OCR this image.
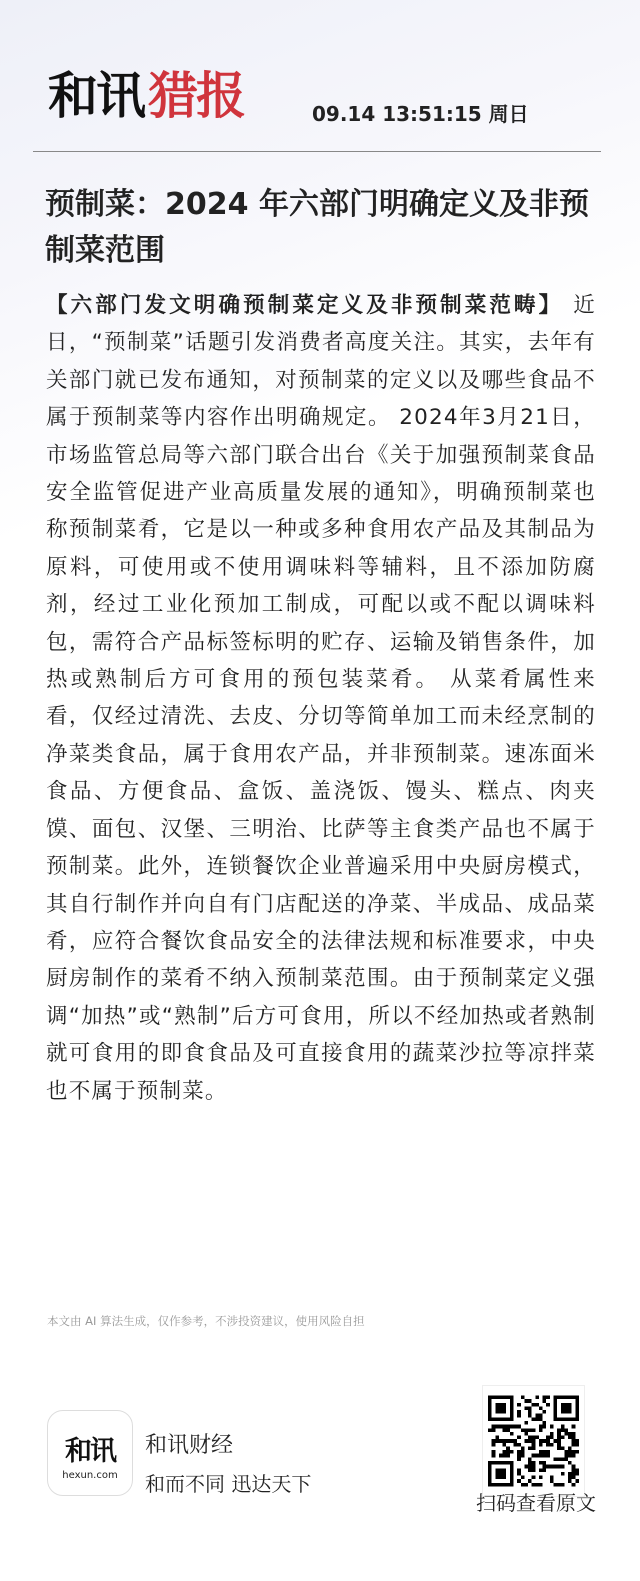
和讯猎报	09.14 13:51:15 周日
预制菜：2024 年六部门明确定义及非预制菜范围
【六部门发文明确预制菜定义及非预制菜范畴】 近日，“预制菜”话题引发消费者高度关注。其实，去年有关部门就已发布通知，对预制菜的定义以及哪些食品不属于预制菜等内容作出明确规定。 2024年3月21日，市场监管总局等六部门联合出台《关于加强预制菜食品安全监管促进产业高质量发展的通知》，明确预制菜也称预制菜肴，它是以一种或多种食用农产品及其制品为原料，可使用或不使用调味料等辅料，且不添加防腐剂，经过工业化预加工制成，可配以或不配以调味料包，需符合产品标签标明的贮存、运输及销售条件，加热或熟制后方可食用的预包装菜肴。 从菜肴属性来看，仅经过清洗、去皮、分切等简单加工而未经烹制的净菜类食品，属于食用农产品，并非预制菜。速冻面米食品、方便食品、盒饭、盖浇饭、馒头、糕点、肉夹馍、面包、汉堡、三明治、比萨等主食类产品也不属于预制菜。此外，连锁餐饮企业普遍采用中央厨房模式，其自行制作并向自有门店配送的净菜、半成品、成品菜肴，应符合餐饮食品安全的法律法规和标准要求，中央厨房制作的菜肴不纳入预制菜范围。由于预制菜定义强调“加热”或“熟制”后方可食用，所以不经加热或者熟制就可食用的即食食品及可直接食用的蔬菜沙拉等凉拌菜也不属于预制菜。
本文由 AI 算法生成，仅作参考，不涉投资建议，使用风险自担
和讯
hexun.com
和讯财经
和而不同 迅达天下
扫码查看原文
